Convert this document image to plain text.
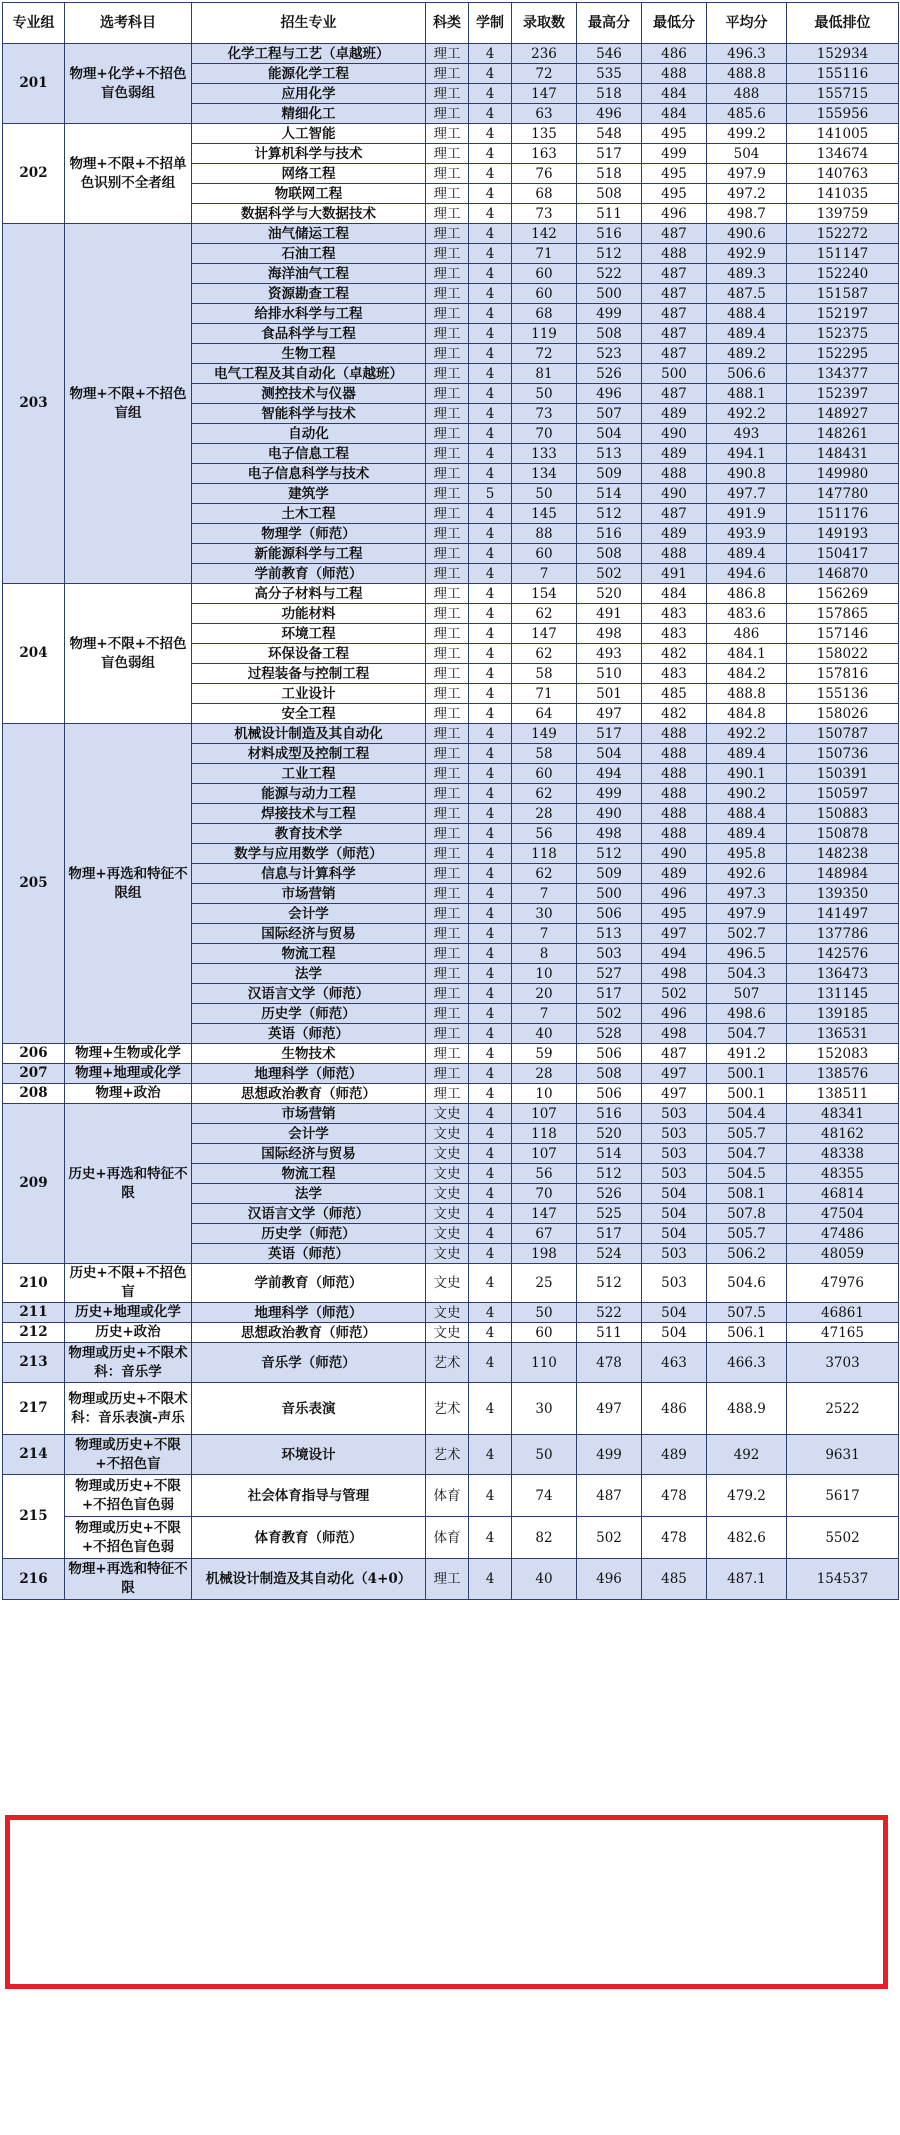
专业组	选考科目	招生专业	科类	学制	录取数	最高分	最低分	平均分	最低排位
201	物理+化学+不招色盲色弱组	化学工程与工艺（卓越班）	理工	4	236	546	486	496.3	152934
		能源化学工程	理工	4	72	535	488	488.8	155116
		应用化学	理工	4	147	518	484	488	155715
		精细化工	理工	4	63	496	484	485.6	155956
202	物理+不限+不招单色识别不全者组	人工智能	理工	4	135	548	495	499.2	141005
		计算机科学与技术	理工	4	163	517	499	504	134674
		网络工程	理工	4	76	518	495	497.9	140763
		物联网工程	理工	4	68	508	495	497.2	141035
		数据科学与大数据技术	理工	4	73	511	496	498.7	139759
203	物理+不限+不招色盲组	油气储运工程	理工	4	142	516	487	490.6	152272
		石油工程	理工	4	71	512	488	492.9	151147
		海洋油气工程	理工	4	60	522	487	489.3	152240
		资源勘查工程	理工	4	60	500	487	487.5	151587
		给排水科学与工程	理工	4	68	499	487	488.4	152197
		食品科学与工程	理工	4	119	508	487	489.4	152375
		生物工程	理工	4	72	523	487	489.2	152295
		电气工程及其自动化（卓越班）	理工	4	81	526	500	506.6	134377
		测控技术与仪器	理工	4	50	496	487	488.1	152397
		智能科学与技术	理工	4	73	507	489	492.2	148927
		自动化	理工	4	70	504	490	493	148261
		电子信息工程	理工	4	133	513	489	494.1	148431
		电子信息科学与技术	理工	4	134	509	488	490.8	149980
		建筑学	理工	5	50	514	490	497.7	147780
		土木工程	理工	4	145	512	487	491.9	151176
		物理学（师范）	理工	4	88	516	489	493.9	149193
		新能源科学与工程	理工	4	60	508	488	489.4	150417
		学前教育（师范）	理工	4	7	502	491	494.6	146870
204	物理+不限+不招色盲色弱组	高分子材料与工程	理工	4	154	520	484	486.8	156269
		功能材料	理工	4	62	491	483	483.6	157865
		环境工程	理工	4	147	498	483	486	157146
		环保设备工程	理工	4	62	493	482	484.1	158022
		过程装备与控制工程	理工	4	58	510	483	484.2	157816
		工业设计	理工	4	71	501	485	488.8	155136
		安全工程	理工	4	64	497	482	484.8	158026
205	物理+再选和特征不限组	机械设计制造及其自动化	理工	4	149	517	488	492.2	150787
		材料成型及控制工程	理工	4	58	504	488	489.4	150736
		工业工程	理工	4	60	494	488	490.1	150391
		能源与动力工程	理工	4	62	499	488	490.2	150597
		焊接技术与工程	理工	4	28	490	488	488.4	150883
		教育技术学	理工	4	56	498	488	489.4	150878
		数学与应用数学（师范）	理工	4	118	512	490	495.8	148238
		信息与计算科学	理工	4	62	509	489	492.6	148984
		市场营销	理工	4	7	500	496	497.3	139350
		会计学	理工	4	30	506	495	497.9	141497
		国际经济与贸易	理工	4	7	513	497	502.7	137786
		物流工程	理工	4	8	503	494	496.5	142576
		法学	理工	4	10	527	498	504.3	136473
		汉语言文学（师范）	理工	4	20	517	502	507	131145
		历史学（师范）	理工	4	7	502	496	498.6	139185
		英语（师范）	理工	4	40	528	498	504.7	136531
206	物理+生物或化学	生物技术	理工	4	59	506	487	491.2	152083
207	物理+地理或化学	地理科学（师范）	理工	4	28	508	497	500.1	138576
208	物理+政治	思想政治教育（师范）	理工	4	10	506	497	500.1	138511
209	历史+再选和特征不限	市场营销	文史	4	107	516	503	504.4	48341
		会计学	文史	4	118	520	503	505.7	48162
		国际经济与贸易	文史	4	107	514	503	504.7	48338
		物流工程	文史	4	56	512	503	504.5	48355
		法学	文史	4	70	526	504	508.1	46814
		汉语言文学（师范）	文史	4	147	525	504	507.8	47504
		历史学（师范）	文史	4	67	517	504	505.7	47486
		英语（师范）	文史	4	198	524	503	506.2	48059
210	历史+不限+不招色盲	学前教育（师范）	文史	4	25	512	503	504.6	47976
211	历史+地理或化学	地理科学（师范）	文史	4	50	522	504	507.5	46861
212	历史+政治	思想政治教育（师范）	文史	4	60	511	504	506.1	47165
213	物理或历史+不限术科：音乐学	音乐学（师范）	艺术	4	110	478	463	466.3	3703
217	物理或历史+不限术科：音乐表演-声乐	音乐表演	艺术	4	30	497	486	488.9	2522
214	物理或历史+不限+不招色盲	环境设计	艺术	4	50	499	489	492	9631
215	物理或历史+不限+不招色盲色弱	社会体育指导与管理	体育	4	74	487	478	479.2	5617
	物理或历史+不限+不招色盲色弱	体育教育（师范）	体育	4	82	502	478	482.6	5502
216	物理+再选和特征不限	机械设计制造及其自动化（4+0）	理工	4	40	496	485	487.1	154537
